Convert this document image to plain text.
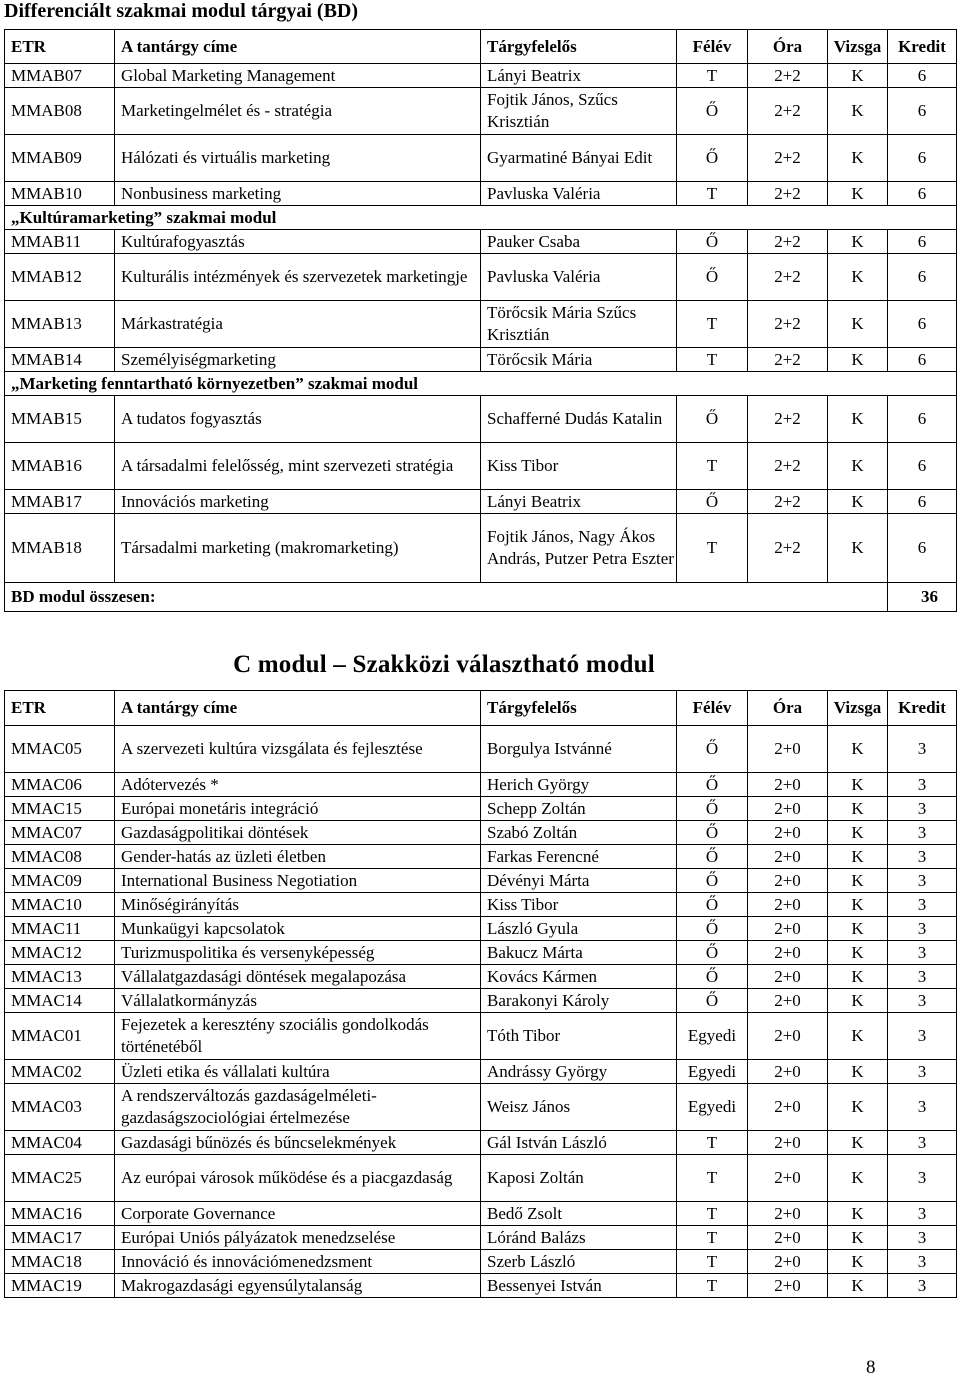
Differenciált szakmai modul tárgyai (BD)
ETR	A tantárgy címe	Tárgyfelelős	Félév	Óra	Vizsga	Kredit
MMAB07	Global Marketing Management	Lányi Beatrix	T	2+2	K	6
MMAB08	Marketingelmélet és - stratégia	Fojtik János, Szűcs Krisztián	Ő	2+2	K	6
MMAB09	Hálózati és virtuális marketing	Gyarmatiné Bányai Edit	Ő	2+2	K	6
MMAB10	Nonbusiness marketing	Pavluska Valéria	T	2+2	K	6
„Kultúramarketing” szakmai modul						
MMAB11	Kultúrafogyasztás	Pauker Csaba	Ő	2+2	K	6
MMAB12	Kulturális intézmények és szervezetek marketingje	Pavluska Valéria	Ő	2+2	K	6
MMAB13	Márkastratégia	Törőcsik Mária Szűcs Krisztián	T	2+2	K	6
MMAB14	Személyiségmarketing	Törőcsik Mária	T	2+2	K	6
„Marketing fenntartható környezetben” szakmai modul						
MMAB15	A tudatos fogyasztás	Schafferné Dudás Katalin	Ő	2+2	K	6
MMAB16	A társadalmi felelősség, mint szervezeti stratégia	Kiss Tibor	T	2+2	K	6
MMAB17	Innovációs marketing	Lányi Beatrix	Ő	2+2	K	6
MMAB18	Társadalmi marketing (makromarketing)	Fojtik János, Nagy Ákos András, Putzer Petra Eszter	T	2+2	K	6
BD modul összesen:						36
C modul – Szakközi választható modul
ETR	A tantárgy címe	Tárgyfelelős	Félév	Óra	Vizsga	Kredit
MMAC05	A szervezeti kultúra vizsgálata és fejlesztése	Borgulya Istvánné	Ő	2+0	K	3
MMAC06	Adótervezés *	Herich György	Ő	2+0	K	3
MMAC15	Európai monetáris integráció	Schepp Zoltán	Ő	2+0	K	3
MMAC07	Gazdaságpolitikai döntések	Szabó Zoltán	Ő	2+0	K	3
MMAC08	Gender-hatás az üzleti életben	Farkas Ferencné	Ő	2+0	K	3
MMAC09	International Business Negotiation	Dévényi Márta	Ő	2+0	K	3
MMAC10	Minőségirányítás	Kiss Tibor	Ő	2+0	K	3
MMAC11	Munkaügyi kapcsolatok	László Gyula	Ő	2+0	K	3
MMAC12	Turizmuspolitika és versenyképesség	Bakucz Márta	Ő	2+0	K	3
MMAC13	Vállalatgazdasági döntések megalapozása	Kovács Kármen	Ő	2+0	K	3
MMAC14	Vállalatkormányzás	Barakonyi Károly	Ő	2+0	K	3
MMAC01	Fejezetek a keresztény szociális gondolkodás történetéből	Tóth Tibor	Egyedi	2+0	K	3
MMAC02	Üzleti etika és vállalati kultúra	Andrássy György	Egyedi	2+0	K	3
MMAC03	A rendszerváltozás gazdaságelméleti-gazdaságszociológiai értelmezése	Weisz János	Egyedi	2+0	K	3
MMAC04	Gazdasági bűnözés és bűncselekmények	Gál István László	T	2+0	K	3
MMAC25	Az európai városok működése és a piacgazdaság	Kaposi Zoltán	T	2+0	K	3
MMAC16	Corporate Governance	Bedő Zsolt	T	2+0	K	3
MMAC17	Európai Uniós pályázatok menedzselése	Lóránd Balázs	T	2+0	K	3
MMAC18	Innováció és innovációmenedzsment	Szerb László	T	2+0	K	3
MMAC19	Makrogazdasági egyensúlytalanság	Bessenyei István	T	2+0	K	3
8
